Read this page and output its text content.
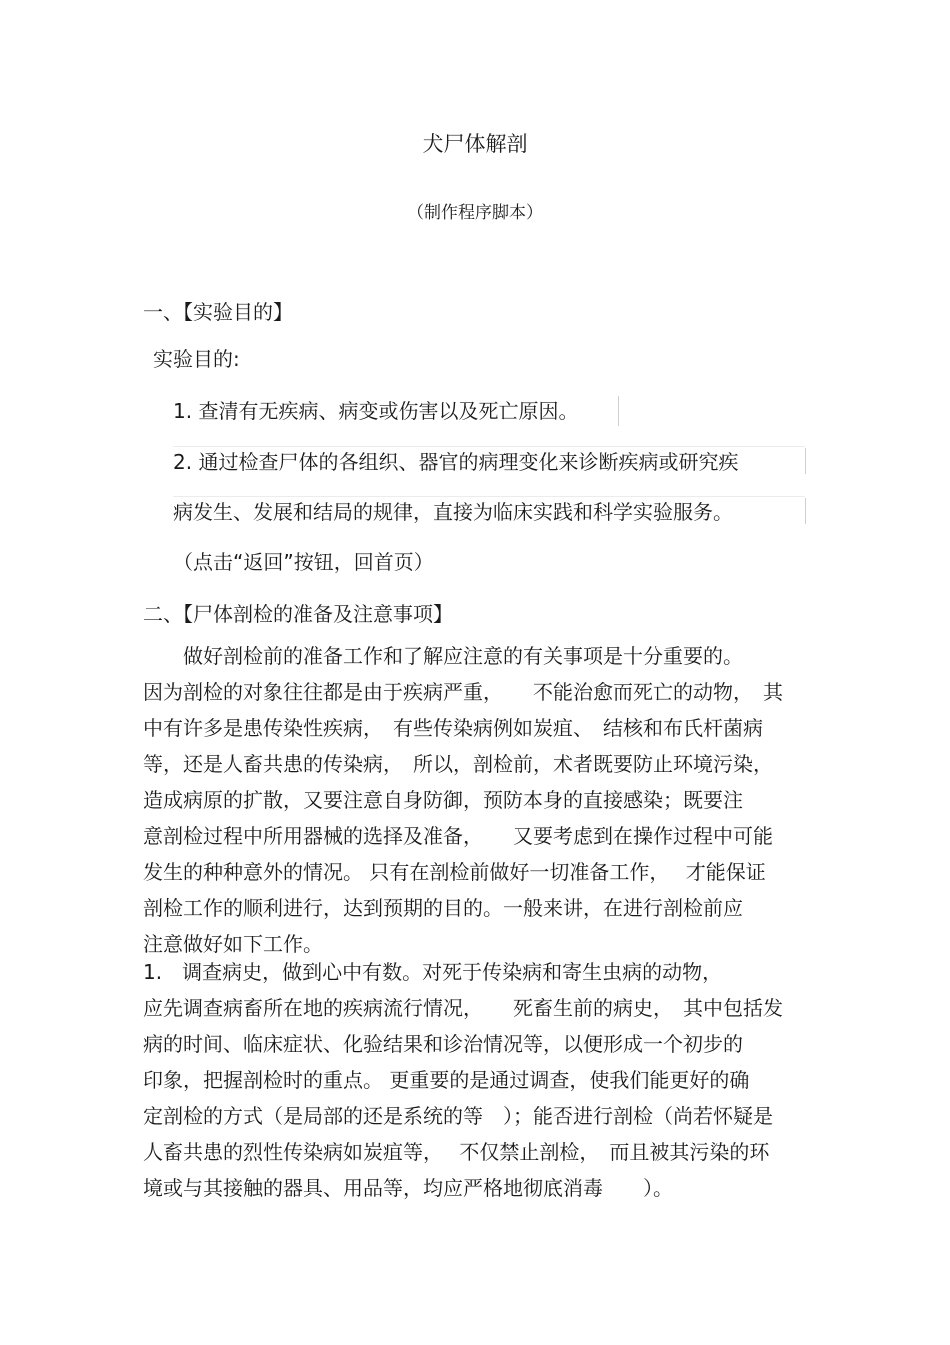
犬尸体解剖
（制作程序脚本）
一、【实验目的】
实验目的:
1. 查清有无疾病、病变或伤害以及死亡原因。
2. 通过检查尸体的各组织、器官的病理变化来诊断疾病或研究疾
病发生、发展和结局的规律，直接为临床实践和科学实验服务。
（点击“返回”按钮，回首页）
二、【尸体剖检的准备及注意事项】
　　做好剖检前的准备工作和了解应注意的有关事项是十分重要的。
因为剖检的对象往往都是由于疾病严重，　　不能治愈而死亡的动物，　其
中有许多是患传染性疾病，　有些传染病例如炭疽、　结核和布氏杆菌病
等，还是人畜共患的传染病，　所以，剖检前，术者既要防止环境污染，
造成病原的扩散，又要注意自身防御，预防本身的直接感染；既要注
意剖检过程中所用器械的选择及准备，　　又要考虑到在操作过程中可能
发生的种种意外的情况。 只有在剖检前做好一切准备工作，　 才能保证
剖检工作的顺利进行，达到预期的目的。一般来讲，在进行剖检前应
注意做好如下工作。
1.　调查病史，做到心中有数。对死于传染病和寄生虫病的动物，
应先调查病畜所在地的疾病流行情况，　　死畜生前的病史，　其中包括发
病的时间、临床症状、化验结果和诊治情况等，以便形成一个初步的
印象，把握剖检时的重点。 更重要的是通过调查，使我们能更好的确
定剖检的方式（是局部的还是系统的等　）；能否进行剖检（尚若怀疑是
人畜共患的烈性传染病如炭疽等，　 不仅禁止剖检，　而且被其污染的环
境或与其接触的器具、用品等，均应严格地彻底消毒　　）。
